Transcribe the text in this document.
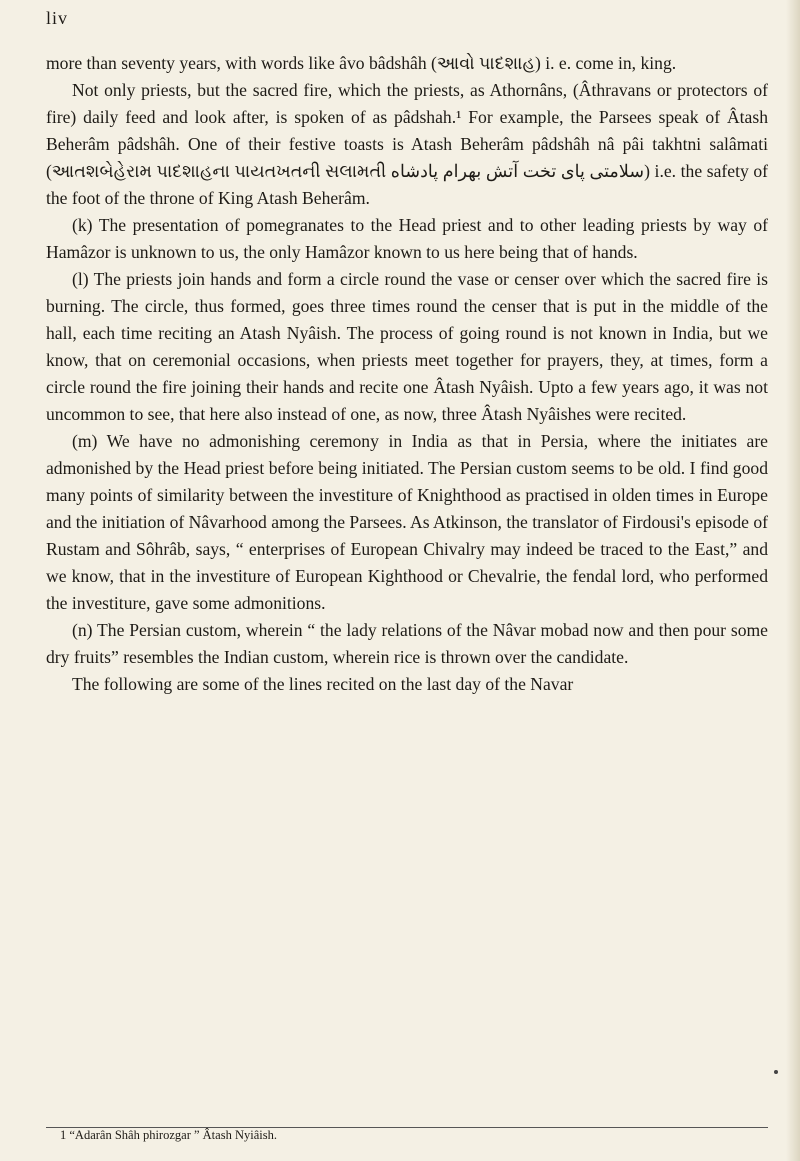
liv

more than seventy years, with words like âvo bâdshâh (આવો પાદશાહ) i. e. come in, king.

Not only priests, but the sacred fire, which the priests, as Athornâns, (Âthravans or protectors of fire) daily feed and look after, is spoken of as pâdshah.¹ For example, the Parsees speak of Âtash Beherâm pâdshâh. One of their festive toasts is Atash Beherâm pâdshâh nâ pâi takhtni salâmati (આતશબેહેરામ પાદશાહના પાયતખતની સલામતી سلامتی پای تخت آتش بهرام پادشاه) i.e. the safety of the foot of the throne of King Atash Beherâm.

(k) The presentation of pomegranates to the Head priest and to other leading priests by way of Hamâzor is unknown to us, the only Hamâzor known to us here being that of hands.

(l) The priests join hands and form a circle round the vase or censer over which the sacred fire is burning. The circle, thus formed, goes three times round the censer that is put in the middle of the hall, each time reciting an Atash Nyâish. The process of going round is not known in India, but we know, that on ceremonial occasions, when priests meet together for prayers, they, at times, form a circle round the fire joining their hands and recite one Âtash Nyâish. Upto a few years ago, it was not uncommon to see, that here also instead of one, as now, three Âtash Nyâishes were recited.

(m) We have no admonishing ceremony in India as that in Persia, where the initiates are admonished by the Head priest before being initiated. The Persian custom seems to be old. I find good many points of similarity between the investiture of Knighthood as practised in olden times in Europe and the initiation of Nâvarhood among the Parsees. As Atkinson, the translator of Firdousi's episode of Rustam and Sôhrâb, says, “ enterprises of European Chivalry may indeed be traced to the East,” and we know, that in the investiture of European Kighthood or Chevalrie, the fendal lord, who performed the investiture, gave some admonitions.

(n) The Persian custom, wherein “ the lady relations of the Nâvar mobad now and then pour some dry fruits” resembles the Indian custom, wherein rice is thrown over the candidate.

The following are some of the lines recited on the last day of the Navar

1 “Adarân Shâh phirozgar ” Âtash Nyiâish.
